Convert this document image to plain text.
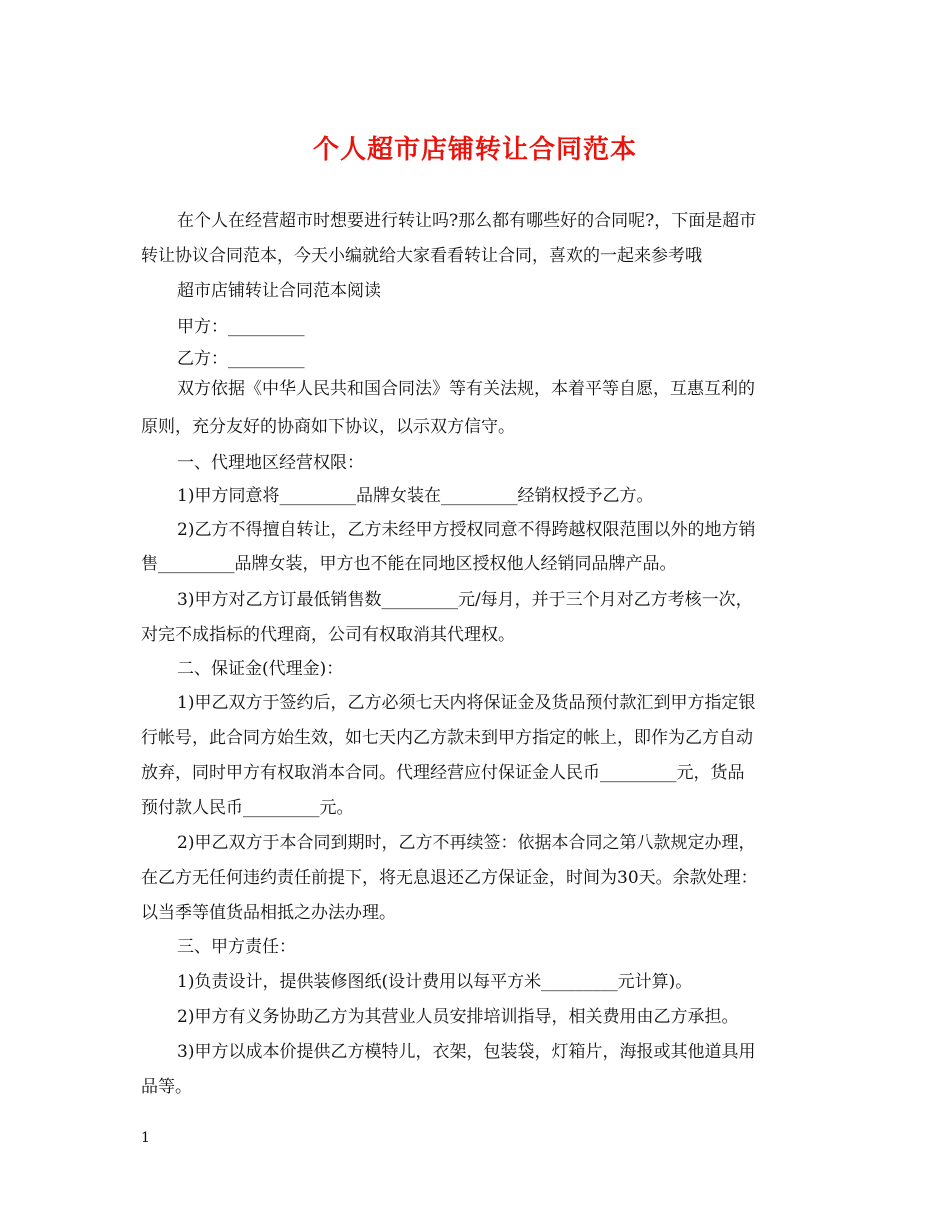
个人超市店铺转让合同范本
在个人在经营超市时想要进行转让吗?那么都有哪些好的合同呢?，下面是超市
转让协议合同范本，今天小编就给大家看看转让合同，喜欢的一起来参考哦
超市店铺转让合同范本阅读
甲方：_________
乙方：_________
双方依据《中华人民共和国合同法》等有关法规，本着平等自愿，互惠互利的
原则，充分友好的协商如下协议，以示双方信守。
一、代理地区经营权限：
1)甲方同意将_________品牌女装在_________经销权授予乙方。
2)乙方不得擅自转让，乙方未经甲方授权同意不得跨越权限范围以外的地方销
售_________品牌女装，甲方也不能在同地区授权他人经销同品牌产品。
3)甲方对乙方订最低销售数_________元/每月，并于三个月对乙方考核一次，
对完不成指标的代理商，公司有权取消其代理权。
二、保证金(代理金)：
1)甲乙双方于签约后，乙方必须七天内将保证金及货品预付款汇到甲方指定银
行帐号，此合同方始生效，如七天内乙方款未到甲方指定的帐上，即作为乙方自动
放弃，同时甲方有权取消本合同。代理经营应付保证金人民币_________元，货品
预付款人民币_________元。
2)甲乙双方于本合同到期时，乙方不再续签：依据本合同之第八款规定办理，
在乙方无任何违约责任前提下，将无息退还乙方保证金，时间为30天。余款处理：
以当季等值货品相抵之办法办理。
三、甲方责任：
1)负责设计，提供装修图纸(设计费用以每平方米_________元计算)。
2)甲方有义务协助乙方为其营业人员安排培训指导，相关费用由乙方承担。
3)甲方以成本价提供乙方模特儿，衣架，包装袋，灯箱片，海报或其他道具用
品等。
1
